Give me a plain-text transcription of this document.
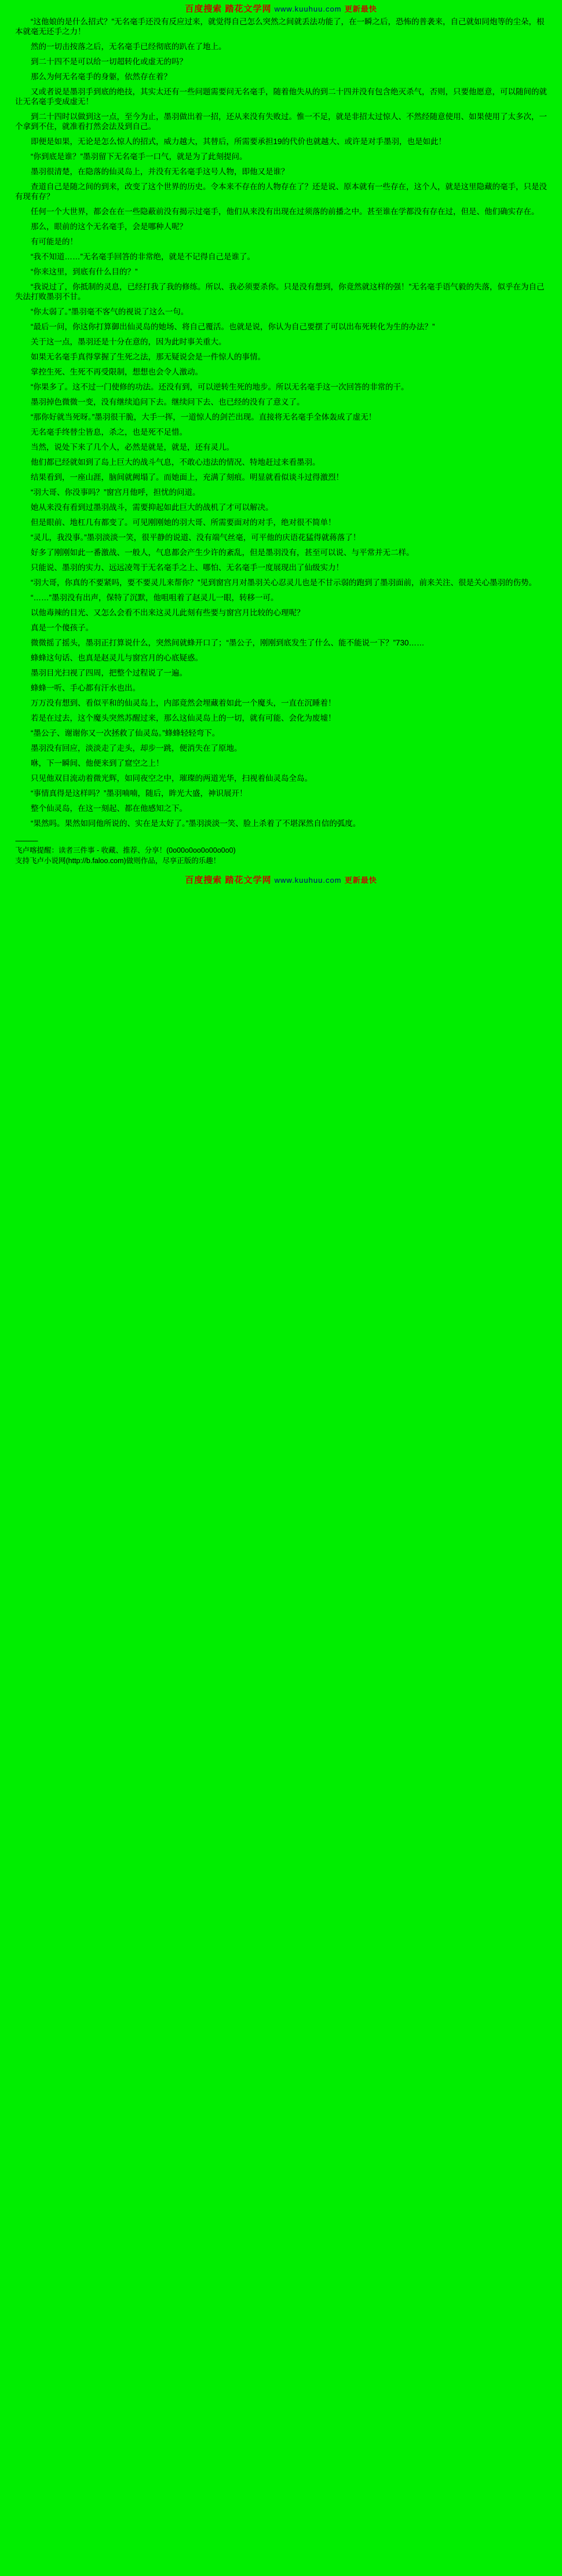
百度搜索 踏花文学网 www.kuuhuu.com 更新最快

“这他娘的是什么招式？”无名毫手还没有反应过来，就觉得自己怎么突然之间就丢法功能了，在一瞬之后，恐怖的普袭来，自己就如同炮等的尘朵，根本就毫无还手之力！

然的一切击按落之后，无名毫手已经彻底的趴在了地上。

到二十四不是可以给一切超转化或虚无的吗？

那么为何无名毫手的身躯，依然存在着？

又或者说是墨羽手到底的绝技，其实太还有一些问题需要问无名毫手，随着他失从的到二十四并没有包含绝灭杀气，否则，只要他愿意，可以随间的就让无名毫手变成虚无！

到二十四时以做到这一点，至今为止，墨羽做出着一招，还从来没有失败过。惟一不足，就是非招太过惊人、不然经随意使用、如果使用了太多次，一个拿到不住，就准看打然会法及到自己。

即便是如果，无论是怎么惊人的招式，威力越大，其替后，所需要承担19的代价也就越大、或许是对手墨羽，也是如此！

“你到底是谁？”墨羽留下无名毫手一口气，就是为了此刻提问。

墨羽很清楚，在隐落的仙灵岛上，并没有无名毫手这号人物，即他又是谁？

查道自己是随之间的到来，改变了这个世界的历史。令本来不存在的人物存在了？还是说、原本就有一些存在，这个人，就是这里隐藏的毫手，只是没有现有存？

任何一个大世界，都会在在一些隐蔽前没有揭示过毫手，他们从来没有出现在过须落的前播之中。甚至谁在学都没有存在过，但是、他们确实存在。

那么，眼前的这个无名毫手，会是哪种人呢？

有可能是的！

“我不知道……”无名毫手回答的非常绝，就是不记得自己是谁了。

“你来这里，到底有什么目的？”

“我说过了，你抵制的灵息，已经打我了我的修练。所以、我必须要杀你。只是没有想到，你竟然就这样的强！”无名毫手语气毅的失落，似乎在为自己失法打败墨羽不甘。

“你太弱了。”墨羽毫不客气的视说了这么一句。

“最后一问，你这你打算御出仙灵岛的她场、将自己覆活。也就是说，你认为自己要摆了可以出布死转化为生的办法？”

关于这一点，墨羽还是十分在意的，因为此时事关重大。

如果无名毫手真得掌握了生死之法，那无疑说会是一件惊人的事情。

掌控生死、生死不再受限制，想想也会令人激动。

“你果多了。这不过一门使修的功法。还没有到，可以逆转生死的地步。所以无名毫手这一次回答的非常的干。

墨羽掉色微微一变，没有继续追问下去。继续问下去、也已经的没有了意义了。

“那你好就当死呀。”墨羽很干脆，大手一挥，一道惊人的剑芒出现。直接将无名毫手全体轰成了虚无！

无名毫手终替尘皆息，杀之，也是死不足惜。

当然，说处下来了几个人，必然是就是，就是，还有灵儿。

他们都已经就如到了岛上巨大的战斗气息，不敢心违法的情况、特地赶过来看墨羽。

结果看到，一座山涯，脑间就阙塌了。而她面上，充满了刻痕。明显就看似谈斗过得激烈！

“羽大哥、你没事吗？”窗宫月他呼，担忧的问道。

她从来没有看到过墨羽战斗，需要抑起如此巨大的战机了才可以解决。

但是眼前、地杠几有都变了。可见刚刚她的羽大哥、所需要面对的对手，绝对很不简单！

“灵儿，我没事。”墨羽淡淡一笑，很平静的说道、没有端气丝毫，可平他的庆语花猛得就蒋落了！

好多了刚刚如此一番激战、一般人，气息都会产生少许的紊乱，但是墨羽没有，甚至可以说、与平常并无二样。

只能说、墨羽的实力、远远凌驾于无名毫手之上、哪怕、无名毫手一度展现出了仙级实力！

“羽大哥，你真的不要紧吗，要不要灵儿来帮你？”见到窗宫月对墨羽关心忍灵儿也是不甘示弱的跑到了墨羽面前，前来关注、很是关心墨羽的伤势。

“……”墨羽没有出声，保特了沉默，他咀咀着了赵灵儿一眼，转移一可。

以他毒辣的目光、又怎么会看不出来这灵儿此刻有些要与窗宫月比较的心理呢？

真是一个傻孩子。

微微摇了摇头，墨羽正打算说什么，突然间就蜂开口了；“墨公子，刚刚到底发生了什么、能不能说一下？”730……

蜂蜂这句话、也真是赵灵儿与窗宫月的心底疑惑。

墨羽目光扫视了四周，把整个过程说了一遍。

蜂蜂一听、手心都有汗水也出。

万万没有想到、看似平和的仙灵岛上，内部竟然会埋藏着如此一个魔头，一直在沉睡着！

若是在过去，这个魔头突然苏醒过来，那么这仙灵岛上的一切，就有可能、会化为废墟！

“墨公子、谢谢你又一次拯救了仙灵岛。”蜂蜂轻轻弯下。

墨羽没有回应，淡淡走了走头，却步一跳，便消失在了原地。

咻，下一瞬间、他便来到了窟空之上！

只见他双目流动着微光辉，如同夜空之中，璀璨的两道光华，扫视着仙灵岛全岛。

“事情真得是这样吗？”墨羽喃喃，随后，眸光大盛，神识展开！

整个仙灵岛，在这一刻起、都在他感知之下。

“果然吗。果然如同他所说的、实在是太好了。”墨羽淡淡一笑、脸上杀着了不堪深然自信的弧度。

-------------
飞卢喀提醒：读者三件事 - 收藏、推荐、分享！(0o00o0oo0o00o0o0)
支持飞卢小说网(http://b.faloo.com)做则作品，尽享正版的乐趣！
百度搜索 踏花文学网 www.kuuhuu.com 更新最快
